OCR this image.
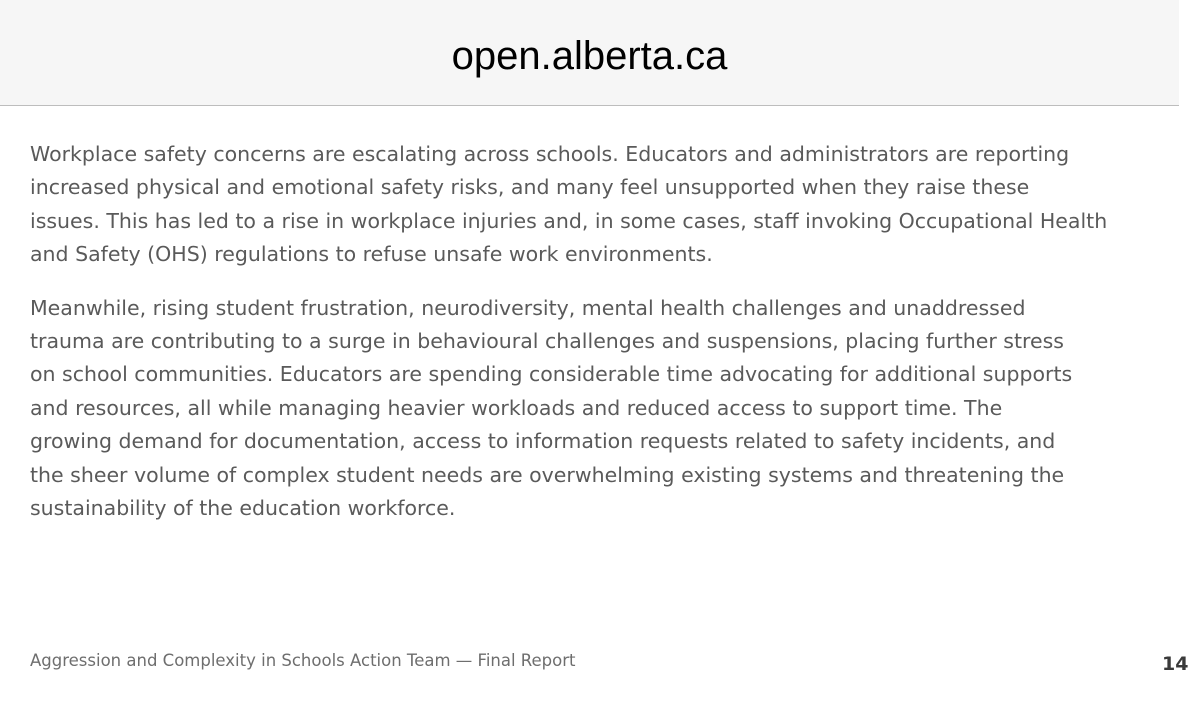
Workplace safety concerns are escalating across schools. Educators and administrators are reporting
increased physical and emotional safety risks, and many feel unsupported when they raise these
issues. This has led to a rise in workplace injuries and, in some cases, staff invoking Occupational Health
and Safety (OHS) regulations to refuse unsafe work environments.

Meanwhile, rising student frustration, neurodiversity, mental health challenges and unaddressed
trauma are contributing to a surge in behavioural challenges and suspensions, placing further stress
on school communities. Educators are spending considerable time advocating for additional supports
and resources, all while managing heavier workloads and reduced access to support time. The
growing demand for documentation, access to information requests related to safety incidents, and
the sheer volume of complex student needs are overwhelming existing systems and threatening the
sustainability of the education workforce.

Aggression and Complexity in Schools Action Team — Final Report	14
open.alberta.ca
